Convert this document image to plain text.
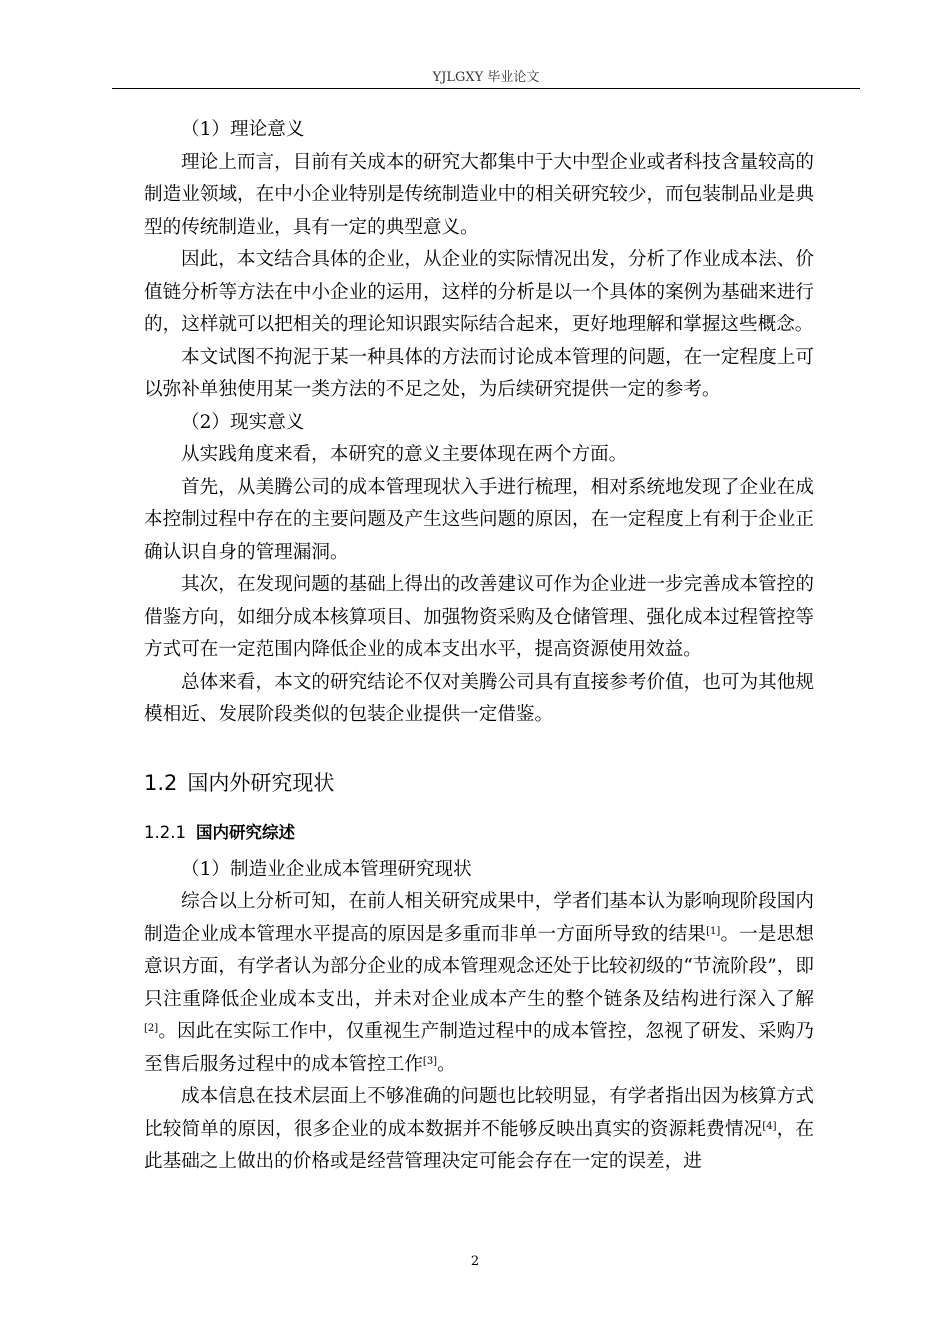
YJLGXY 毕业论文

（1）理论意义

理论上而言，目前有关成本的研究大都集中于大中型企业或者科技含量较高的制造业领域，在中小企业特别是传统制造业中的相关研究较少，而包装制品业是典型的传统制造业，具有一定的典型意义。

因此，本文结合具体的企业，从企业的实际情况出发，分析了作业成本法、价值链分析等方法在中小企业的运用，这样的分析是以一个具体的案例为基础来进行的，这样就可以把相关的理论知识跟实际结合起来，更好地理解和掌握这些概念。

本文试图不拘泥于某一种具体的方法而讨论成本管理的问题，在一定程度上可以弥补单独使用某一类方法的不足之处，为后续研究提供一定的参考。

（2）现实意义

从实践角度来看，本研究的意义主要体现在两个方面。

首先，从美腾公司的成本管理现状入手进行梳理，相对系统地发现了企业在成本控制过程中存在的主要问题及产生这些问题的原因，在一定程度上有利于企业正确认识自身的管理漏洞。

其次，在发现问题的基础上得出的改善建议可作为企业进一步完善成本管控的借鉴方向，如细分成本核算项目、加强物资采购及仓储管理、强化成本过程管控等方式可在一定范围内降低企业的成本支出水平，提高资源使用效益。

总体来看，本文的研究结论不仅对美腾公司具有直接参考价值，也可为其他规模相近、发展阶段类似的包装企业提供一定借鉴。

1.2 国内外研究现状
1.2.1 国内研究综述

（1）制造业企业成本管理研究现状

综合以上分析可知，在前人相关研究成果中，学者们基本认为影响现阶段国内制造企业成本管理水平提高的原因是多重而非单一方面所导致的结果[1]。一是思想意识方面，有学者认为部分企业的成本管理观念还处于比较初级的“节流阶段”，即只注重降低企业成本支出，并未对企业成本产生的整个链条及结构进行深入了解[2]。因此在实际工作中，仅重视生产制造过程中的成本管控，忽视了研发、采购乃至售后服务过程中的成本管控工作[3]。

成本信息在技术层面上不够准确的问题也比较明显，有学者指出因为核算方式比较简单的原因，很多企业的成本数据并不能够反映出真实的资源耗费情况[4]，在此基础之上做出的价格或是经营管理决定可能会存在一定的误差，进

2
